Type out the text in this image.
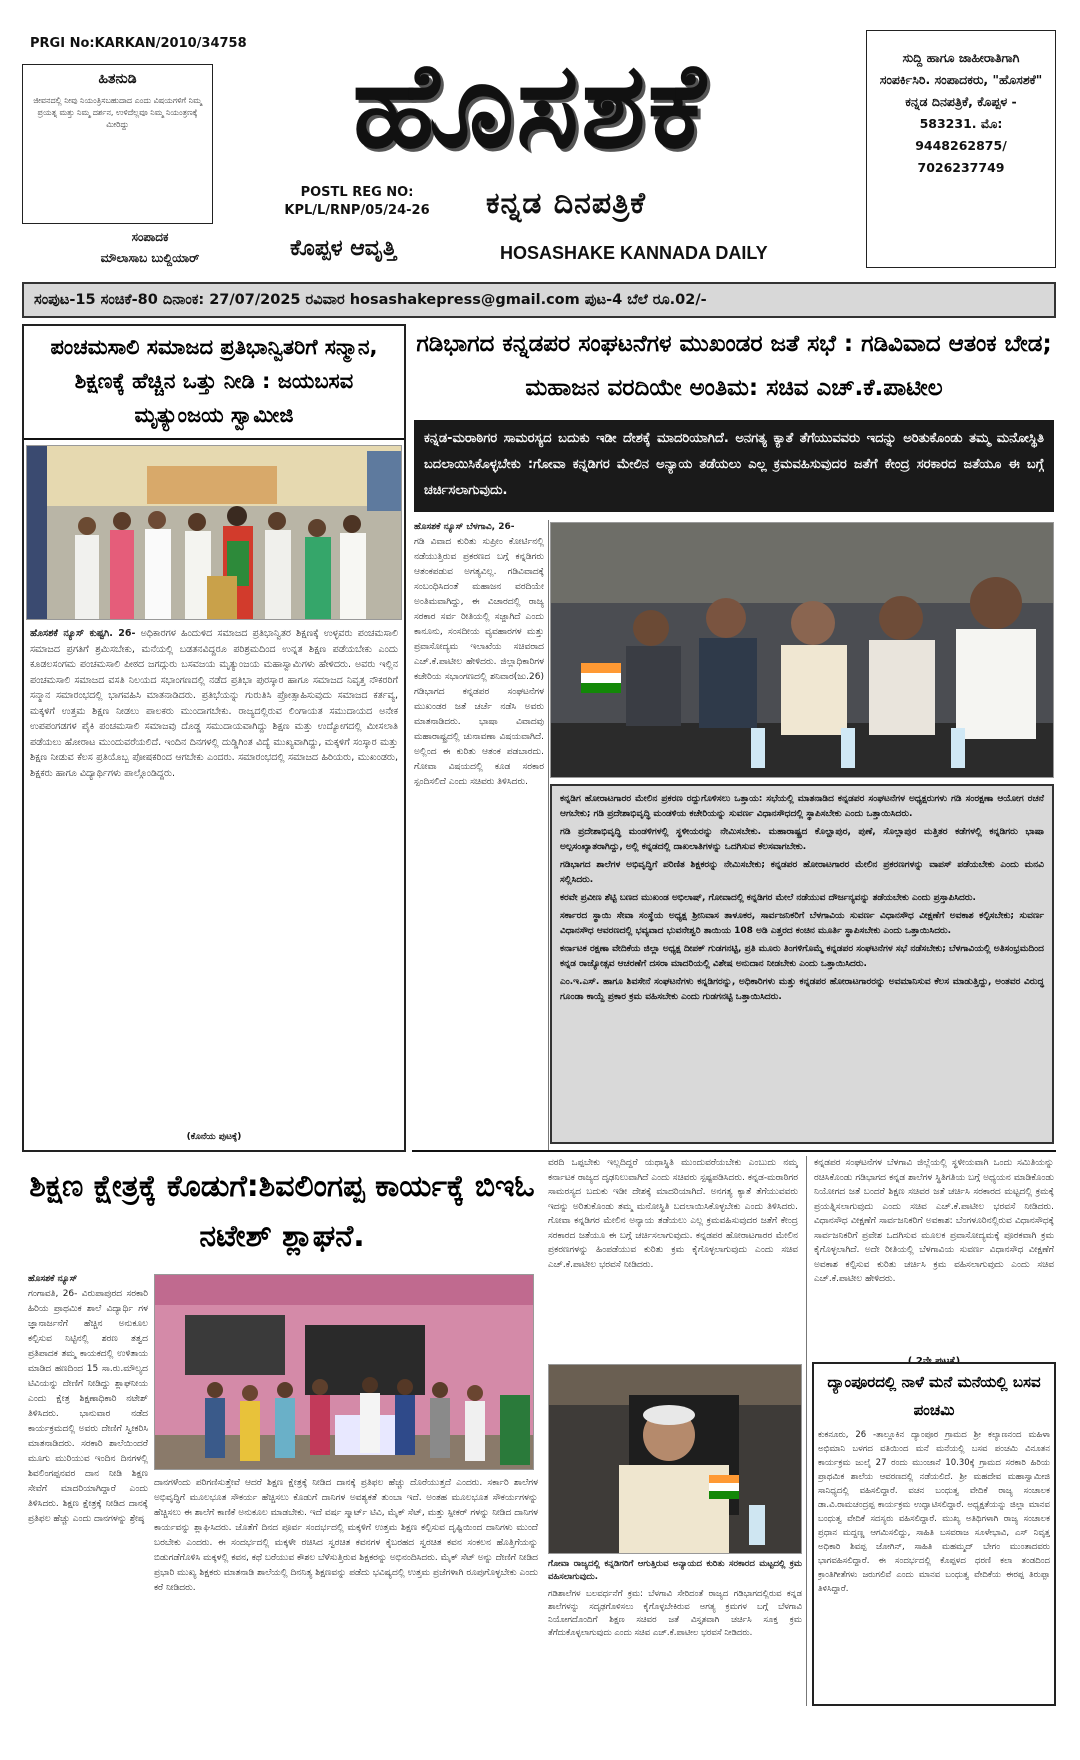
PRGI No:KARKAN/2010/34758
ಹಿತನುಡಿ
ಜೀವನದಲ್ಲಿ ನೀವು ನಿಯಂತ್ರಿಸಬಹುದಾದ ಎಂದು ವಿಷಯಗಳಿಗೆ ನಿಮ್ಮ ಪ್ರಯತ್ನ ಮತ್ತು ನಿಮ್ಮ ದರ್ಶನ, ಉಳಿದೆಲ್ಲವೂ ನಿಮ್ಮ ನಿಯಂತ್ರಣಕ್ಕೆ ಮೀರಿದ್ದು
ಸಂಪಾದಕ
ಮೌಲಾಸಾಬ ಬುಲ್ದಿಯಾರ್
ಹೊಸಶಕೆ
POSTL REG NO:
KPL/L/RNP/05/24-26
ಕೊಪ್ಪಳ ಆವೃತ್ತಿ
ಕನ್ನಡ ದಿನಪತ್ರಿಕೆ
HOSASHAKE KANNADA DAILY
ಸುದ್ದಿ ಹಾಗೂ ಜಾಹೀರಾತಿಗಾಗಿ ಸಂಪರ್ಕಿಸಿರಿ. ಸಂಪಾದಕರು, "ಹೊಸಶಕೆ" ಕನ್ನಡ ದಿನಪತ್ರಿಕೆ, ಕೊಪ್ಪಳ - 583231. ಮೊ: 9448262875/ 7026237749
ಸಂಪುಟ-15 ಸಂಚಿಕೆ-80 ದಿನಾಂಕ: 27/07/2025 ರವಿವಾರ hosashakepress@gmail.com ಪುಟ-4 ಬೆಲೆ ರೂ.02/-
ಪಂಚಮಸಾಲಿ ಸಮಾಜದ ಪ್ರತಿಭಾನ್ವಿತರಿಗೆ ಸನ್ಮಾನ, ಶಿಕ್ಷಣಕ್ಕೆ ಹೆಚ್ಚಿನ ಒತ್ತು ನೀಡಿ : ಜಯಬಸವ ಮೃತ್ಯುಂಜಯ ಸ್ವಾಮೀಜಿ
ಹೊಸಶಕೆ ನ್ಯೂಸ್ ಕುಷ್ಟಗಿ. 26- ಅಧಿಕಾರಗಳ ಹಿಂದುಳಿದ ಸಮಾಜದ ಪ್ರತಿಭಾನ್ವಿತರ ಶಿಕ್ಷಣಕ್ಕೆ ಉಳ್ಳವರು ಪಂಚಮಸಾಲಿ ಸಮಾಜದ ಪ್ರಗತಿಗೆ ಶ್ರಮಿಸಬೇಕು, ಮನೆಯಲ್ಲಿ ಬಡತನವಿದ್ದರೂ ಪರಿಶ್ರಮದಿಂದ ಉನ್ನತ ಶಿಕ್ಷಣ ಪಡೆಯಬೇಕು ಎಂದು ಕೂಡಲಸಂಗಮ ಪಂಚಮಸಾಲಿ ಪೀಠದ ಜಗದ್ಗುರು ಬಸವಜಯ ಮೃತ್ಯುಂಜಯ ಮಹಾಸ್ವಾಮಿಗಳು ಹೇಳಿದರು. ಅವರು ಇಲ್ಲಿನ ಪಂಚಮಸಾಲಿ ಸಮಾಜದ ವಸತಿ ನಿಲಯದ ಸಭಾಂಗಣದಲ್ಲಿ ನಡೆದ ಪ್ರತಿಭಾ ಪುರಸ್ಕಾರ ಹಾಗೂ ಸಮಾಜದ ನಿವೃತ್ತ ನೌಕರರಿಗೆ ಸನ್ಮಾನ ಸಮಾರಂಭದಲ್ಲಿ ಭಾಗವಹಿಸಿ ಮಾತನಾಡಿದರು. ಪ್ರತಿಭೆಯನ್ನು ಗುರುತಿಸಿ ಪ್ರೋತ್ಸಾಹಿಸುವುದು ಸಮಾಜದ ಕರ್ತವ್ಯ, ಮಕ್ಕಳಿಗೆ ಉತ್ತಮ ಶಿಕ್ಷಣ ನೀಡಲು ಪಾಲಕರು ಮುಂದಾಗಬೇಕು. ರಾಜ್ಯದಲ್ಲಿರುವ ಲಿಂಗಾಯತ ಸಮುದಾಯದ ಅನೇಕ ಉಪಪಂಗಡಗಳ ಪೈಕಿ ಪಂಚಮಸಾಲಿ ಸಮಾಜವು ದೊಡ್ಡ ಸಮುದಾಯವಾಗಿದ್ದು ಶಿಕ್ಷಣ ಮತ್ತು ಉದ್ಯೋಗದಲ್ಲಿ ಮೀಸಲಾತಿ ಪಡೆಯಲು ಹೋರಾಟ ಮುಂದುವರೆಯಲಿದೆ. ಇಂದಿನ ದಿನಗಳಲ್ಲಿ ದುಡ್ಡಿಗಿಂತ ವಿದ್ಯೆ ಮುಖ್ಯವಾಗಿದ್ದು, ಮಕ್ಕಳಿಗೆ ಸಂಸ್ಕಾರ ಮತ್ತು ಶಿಕ್ಷಣ ನೀಡುವ ಕೆಲಸ ಪ್ರತಿಯೊಬ್ಬ ಪೋಷಕರಿಂದ ಆಗಬೇಕು ಎಂದರು. ಸಮಾರಂಭದಲ್ಲಿ ಸಮಾಜದ ಹಿರಿಯರು, ಮುಖಂಡರು, ಶಿಕ್ಷಕರು ಹಾಗೂ ವಿದ್ಯಾರ್ಥಿಗಳು ಪಾಲ್ಗೊಂಡಿದ್ದರು.
(ಕೊನೆಯ ಪುಟಕ್ಕೆ)
ಗಡಿಭಾಗದ ಕನ್ನಡಪರ ಸಂಘಟನೆಗಳ ಮುಖಂಡರ ಜತೆ ಸಭೆ : ಗಡಿವಿವಾದ ಆತಂಕ ಬೇಡ; ಮಹಾಜನ ವರದಿಯೇ ಅಂತಿಮ: ಸಚಿವ ಎಚ್.ಕೆ.ಪಾಟೀಲ
ಕನ್ನಡ-ಮರಾಠಿಗರ ಸಾಮರಸ್ಯದ ಬದುಕು ಇಡೀ ದೇಶಕ್ಕೆ ಮಾದರಿಯಾಗಿದೆ. ಅನಗತ್ಯ ಕ್ಯಾತೆ ತೆಗೆಯುವವರು ಇದನ್ನು ಅರಿತುಕೊಂಡು ತಮ್ಮ ಮನೋಸ್ಥಿತಿ ಬದಲಾಯಿಸಿಕೊಳ್ಳಬೇಕು :ಗೋವಾ ಕನ್ನಡಿಗರ ಮೇಲಿನ ಅನ್ಯಾಯ ತಡೆಯಲು ಎಲ್ಲ ಕ್ರಮವಹಿಸುವುದರ ಜತೆಗೆ ಕೇಂದ್ರ ಸರಕಾರದ ಜತೆಯೂ ಈ ಬಗ್ಗೆ ಚರ್ಚಿಸಲಾಗುವುದು.
ಹೊಸಶಕೆ ನ್ಯೂಸ್ ಬೆಳಗಾವಿ, 26-
ಗಡಿ ವಿವಾದ ಕುರಿತು ಸುಪ್ರೀಂ ಕೋರ್ಟಿನಲ್ಲಿ ನಡೆಯುತ್ತಿರುವ ಪ್ರಕರಣದ ಬಗ್ಗೆ ಕನ್ನಡಿಗರು ಆತಂಕಪಡುವ ಅಗತ್ಯವಿಲ್ಲ. ಗಡಿವಿವಾದಕ್ಕೆ ಸಂಬಂಧಿಸಿದಂತೆ ಮಹಾಜನ ವರದಿಯೇ ಅಂತಿಮವಾಗಿದ್ದು, ಈ ವಿಚಾರದಲ್ಲಿ ರಾಜ್ಯ ಸರಕಾರ ಸರ್ವ ರೀತಿಯಲ್ಲಿ ಸಜ್ಜಾಗಿದೆ ಎಂದು ಕಾನೂನು, ಸಂಸದೀಯ ವ್ಯವಹಾರಗಳ ಮತ್ತು ಪ್ರವಾಸೋದ್ಯಮ ಇಲಾಖೆಯ ಸಚಿವರಾದ ಎಚ್.ಕೆ.ಪಾಟೀಲ ಹೇಳಿದರು. ಜಿಲ್ಲಾಧಿಕಾರಿಗಳ ಕಚೇರಿಯ ಸಭಾಂಗಣದಲ್ಲಿ ಶನಿವಾರ(ಜು.26) ಗಡಿಭಾಗದ ಕನ್ನಡಪರ ಸಂಘಟನೆಗಳ ಮುಖಂಡರ ಜತೆ ಚರ್ಚೆ ನಡೆಸಿ ಅವರು ಮಾತನಾಡಿದರು. ಭಾಷಾ ವಿವಾದವು ಮಹಾರಾಷ್ಟ್ರದಲ್ಲಿ ಚುನಾವಣಾ ವಿಷಯವಾಗಿದೆ. ಅಲ್ಲಿಂದ ಈ ಕುರಿತು ಆತಂಕ ಪಡಬಾರದು. ಗೋವಾ ವಿಷಯದಲ್ಲಿ ಕೂಡ ಸರಕಾರ ಸ್ಪಂದಿಸಲಿದೆ ಎಂದು ಸಚಿವರು ತಿಳಿಸಿದರು.
ಕನ್ನಡಿಗ ಹೋರಾಟಗಾರರ ಮೇಲಿನ ಪ್ರಕರಣ ರದ್ದುಗೊಳಿಸಲು ಒತ್ತಾಯ: ಸಭೆಯಲ್ಲಿ ಮಾತನಾಡಿದ ಕನ್ನಡಪರ ಸಂಘಟನೆಗಳ ಅಧ್ಯಕ್ಷರುಗಳು ಗಡಿ ಸಂರಕ್ಷಣಾ ಆಯೋಗ ರಚನೆ ಆಗಬೇಕು; ಗಡಿ ಪ್ರದೇಶಾಭಿವೃದ್ಧಿ ಮಂಡಳಿಯ ಕಚೇರಿಯನ್ನು ಸುವರ್ಣ ವಿಧಾನಸೌಧದಲ್ಲಿ ಸ್ಥಾಪಿಸಬೇಕು ಎಂದು ಒತ್ತಾಯಿಸಿದರು.
ಗಡಿ ಪ್ರದೇಶಾಭಿವೃದ್ಧಿ ಮಂಡಳಿಗಳಲ್ಲಿ ಸ್ಥಳೀಯರನ್ನು ನೇಮಿಸಬೇಕು. ಮಹಾರಾಷ್ಟ್ರದ ಕೊಲ್ಹಾಪುರ, ಪುಣೆ, ಸೊಲ್ಲಾಪುರ ಮತ್ತಿತರ ಕಡೆಗಳಲ್ಲಿ ಕನ್ನಡಿಗರು ಭಾಷಾ ಅಲ್ಪಸಂಖ್ಯಾತರಾಗಿದ್ದು, ಅಲ್ಲಿ ಕನ್ನಡದಲ್ಲಿ ದಾಖಲಾತಿಗಳನ್ನು ಒದಗಿಸುವ ಕೆಲಸವಾಗಬೇಕು.
ಗಡಿಭಾಗದ ಶಾಲೆಗಳ ಅಭಿವೃದ್ಧಿಗೆ ಪರಿಣಿತ ಶಿಕ್ಷಕರನ್ನು ನೇಮಿಸಬೇಕು; ಕನ್ನಡಪರ ಹೋರಾಟಗಾರರ ಮೇಲಿನ ಪ್ರಕರಣಗಳನ್ನು ವಾಪಸ್ ಪಡೆಯಬೇಕು ಎಂದು ಮನವಿ ಸಲ್ಲಿಸಿದರು.
ಕರವೇ ಪ್ರವೀಣ ಶೆಟ್ಟಿ ಬಣದ ಮುಖಂಡ ಅಭಿಲಾಷ್, ಗೋವಾದಲ್ಲಿ ಕನ್ನಡಿಗರ ಮೇಲೆ ನಡೆಯುವ ದೌರ್ಜನ್ಯವನ್ನು ತಡೆಯಬೇಕು ಎಂದು ಪ್ರಸ್ತಾಪಿಸಿದರು.
ಸರ್ಕಾರದ ಸ್ಥಾಯಿ ಸೇವಾ ಸಂಸ್ಥೆಯ ಅಧ್ಯಕ್ಷ ಶ್ರೀನಿವಾಸ ತಾಳೂಕರ, ಸಾರ್ವಜನಿಕರಿಗೆ ಬೆಳಗಾವಿಯ ಸುವರ್ಣ ವಿಧಾನಸೌಧ ವೀಕ್ಷಣೆಗೆ ಅವಕಾಶ ಕಲ್ಪಿಸಬೇಕು; ಸುವರ್ಣ ವಿಧಾನಸೌಧ ಆವರಣದಲ್ಲಿ ಭವ್ಯವಾದ ಭುವನೇಶ್ವರಿ ತಾಯಿಯ 108 ಅಡಿ ಎತ್ತರದ ಕಂಚಿನ ಮೂರ್ತಿ ಸ್ಥಾಪಿಸಬೇಕು ಎಂದು ಒತ್ತಾಯಿಸಿದರು.
ಕರ್ನಾಟಕ ರಕ್ಷಣಾ ವೇದಿಕೆಯ ಜಿಲ್ಲಾ ಅಧ್ಯಕ್ಷ ದೀಪಕ್ ಗುಡಗನಟ್ಟಿ, ಪ್ರತಿ ಮೂರು ತಿಂಗಳಿಗೊಮ್ಮೆ ಕನ್ನಡಪರ ಸಂಘಟನೆಗಳ ಸಭೆ ನಡೆಸಬೇಕು; ಬೆಳಗಾವಿಯಲ್ಲಿ ಅತಿಸಂಭ್ರಮದಿಂದ ಕನ್ನಡ ರಾಜ್ಯೋತ್ಸವ ಆಚರಣೆಗೆ ದಸರಾ ಮಾದರಿಯಲ್ಲಿ ವಿಶೇಷ ಅನುದಾನ ನೀಡಬೇಕು ಎಂದು ಒತ್ತಾಯಿಸಿದರು.
ಎಂ.ಇ.ಎಸ್. ಹಾಗೂ ಶಿವಸೇನೆ ಸಂಘಟನೆಗಳು ಕನ್ನಡಿಗರನ್ನು, ಅಧಿಕಾರಿಗಳು ಮತ್ತು ಕನ್ನಡಪರ ಹೋರಾಟಗಾರರನ್ನು ಅವಮಾನಿಸುವ ಕೆಲಸ ಮಾಡುತ್ತಿದ್ದು, ಅಂತವರ ವಿರುದ್ಧ ಗೂಂಡಾ ಕಾಯ್ದೆ ಪ್ರಕಾರ ಕ್ರಮ ವಹಿಸಬೇಕು ಎಂದು ಗುಡಗನಟ್ಟಿ ಒತ್ತಾಯಿಸಿದರು.
ವರದಿ ಒಪ್ಪಬೇಕು ಇಲ್ಲದಿದ್ದರೆ ಯಥಾಸ್ಥಿತಿ ಮುಂದುವರೆಯಬೇಕು ಎಂಬುದು ನಮ್ಮ ಕರ್ನಾಟಕ ರಾಜ್ಯದ ದೃಢನಿಲುವಾಗಿದೆ ಎಂದು ಸಚಿವರು ಸ್ಪಷ್ಟಪಡಿಸಿದರು. ಕನ್ನಡ-ಮರಾಠಿಗರ ಸಾಮರಸ್ಯದ ಬದುಕು ಇಡೀ ದೇಶಕ್ಕೆ ಮಾದರಿಯಾಗಿದೆ. ಅನಗತ್ಯ ಕ್ಯಾತೆ ತೆಗೆಯುವವರು ಇದನ್ನು ಅರಿತುಕೊಂಡು ತಮ್ಮ ಮನೋಸ್ಥಿತಿ ಬದಲಾಯಿಸಿಕೊಳ್ಳಬೇಕು ಎಂದು ತಿಳಿಸಿದರು. ಗೋವಾ ಕನ್ನಡಿಗರ ಮೇಲಿನ ಅನ್ಯಾಯ ತಡೆಯಲು ಎಲ್ಲ ಕ್ರಮವಹಿಸುವುದರ ಜತೆಗೆ ಕೇಂದ್ರ ಸರಕಾರದ ಜತೆಯೂ ಈ ಬಗ್ಗೆ ಚರ್ಚಿಸಲಾಗುವುದು. ಕನ್ನಡಪರ ಹೋರಾಟಗಾರರ ಮೇಲಿನ ಪ್ರಕರಣಗಳನ್ನು ಹಿಂಪಡೆಯುವ ಕುರಿತು ಕ್ರಮ ಕೈಗೊಳ್ಳಲಾಗುವುದು ಎಂದು ಸಚಿವ ಎಚ್.ಕೆ.ಪಾಟೀಲ ಭರವಸೆ ನೀಡಿದರು.
ಕನ್ನಡಪರ ಸಂಘಟನೆಗಳ ಬೆಳಗಾವಿ ಜಿಲ್ಲೆಯಲ್ಲಿ ಸ್ಥಳೀಯವಾಗಿ ಒಂದು ಸಮಿತಿಯನ್ನು ರಚಿಸಿಕೊಂಡು ಗಡಿಭಾಗದ ಕನ್ನಡ ಶಾಲೆಗಳ ಸ್ಥಿತಿಗತಿಯ ಬಗ್ಗೆ ಅಧ್ಯಯನ ಮಾಡಿಕೊಂಡು ನಿಯೋಗದ ಜತೆ ಬಂದರೆ ಶಿಕ್ಷಣ ಸಚಿವರ ಜತೆ ಚರ್ಚಿಸಿ ಸರಕಾರದ ಮಟ್ಟದಲ್ಲಿ ಕ್ರಮಕ್ಕೆ ಪ್ರಯತ್ನಿಸಲಾಗುವುದು ಎಂದು ಸಚಿವ ಎಚ್.ಕೆ.ಪಾಟೀಲ ಭರವಸೆ ನೀಡಿದರು. ವಿಧಾನಸೌಧ ವೀಕ್ಷಣೆಗೆ ಸಾರ್ವಜನಿಕರಿಗೆ ಅವಕಾಶ: ಬೆಂಗಳೂರಿನಲ್ಲಿರುವ ವಿಧಾನಸೌಧಕ್ಕೆ ಸಾರ್ವಜನಿಕರಿಗೆ ಪ್ರವೇಶ ಒದಗಿಸುವ ಮೂಲಕ ಪ್ರವಾಸೋದ್ಯಮಕ್ಕೆ ಪೂರಕವಾಗಿ ಕ್ರಮ ಕೈಗೊಳ್ಳಲಾಗಿದೆ. ಅದೇ ರೀತಿಯಲ್ಲಿ ಬೆಳಗಾವಿಯ ಸುವರ್ಣ ವಿಧಾನಸೌಧ ವೀಕ್ಷಣೆಗೆ ಅವಕಾಶ ಕಲ್ಪಿಸುವ ಕುರಿತು ಚರ್ಚಿಸಿ ಕ್ರಮ ವಹಿಸಲಾಗುವುದು ಎಂದು ಸಚಿವ ಎಚ್.ಕೆ.ಪಾಟೀಲ ಹೇಳಿದರು.
ಗೋವಾ ರಾಜ್ಯದಲ್ಲಿ ಕನ್ನಡಿಗರಿಗೆ ಆಗುತ್ತಿರುವ ಅನ್ಯಾಯದ ಕುರಿತು ಸರಕಾರದ ಮಟ್ಟದಲ್ಲಿ ಕ್ರಮ ವಹಿಸಲಾಗುವುದು.
ಗಡಿಶಾಲೆಗಳ ಬಲವರ್ಧನೆಗೆ ಕ್ರಮ: ಬೆಳಗಾವಿ ಸೇರಿದಂತೆ ರಾಜ್ಯದ ಗಡಿಭಾಗದಲ್ಲಿರುವ ಕನ್ನಡ ಶಾಲೆಗಳನ್ನು ಸದೃಢಗೊಳಿಸಲು ಕೈಗೊಳ್ಳಬೇಕಿರುವ ಅಗತ್ಯ ಕ್ರಮಗಳ ಬಗ್ಗೆ ಬೆಳಗಾವಿ ನಿಯೋಗದೊಂದಿಗೆ ಶಿಕ್ಷಣ ಸಚಿವರ ಜತೆ ವಿಸ್ತೃತವಾಗಿ ಚರ್ಚಿಸಿ ಸೂಕ್ತ ಕ್ರಮ ತೆಗೆದುಕೊಳ್ಳಲಾಗುವುದು ಎಂದು ಸಚಿವ ಎಚ್.ಕೆ.ಪಾಟೀಲ ಭರವಸೆ ನೀಡಿದರು.
ಶಿಕ್ಷಣ ಕ್ಷೇತ್ರಕ್ಕೆ ಕೊಡುಗೆ:ಶಿವಲಿಂಗಪ್ಪ ಕಾರ್ಯಕ್ಕೆ ಬಿಇಓ ನಟೇಶ್ ಶ್ಲಾಘನೆ.
ಹೊಸಶಕೆ ನ್ಯೂಸ್
ಗಂಗಾವತಿ, 26- ವಿರುಪಾಪುರದ ಸರಕಾರಿ ಹಿರಿಯ ಪ್ರಾಥಮಿಕ ಶಾಲೆ ವಿದ್ಯಾರ್ಥಿ ಗಳ ಜ್ಞಾನಾರ್ಜನೆಗೆ ಹೆಚ್ಚಿನ ಅನುಕೂಲ ಕಲ್ಪಿಸುವ ನಿಟ್ಟಿನಲ್ಲಿ ಶರಣ ತತ್ವದ ಪ್ರತಿಪಾದಕ ತಮ್ಮ ಕಾಯಕದಲ್ಲಿ ಉಳಿತಾಯ ಮಾಡಿದ ಹಣದಿಂದ 15 ಸಾ.ರು.ಮೌಲ್ಯದ ಟಿವಿಯನ್ನು ದೇಣಿಗೆ ನೀಡಿದ್ದು ಶ್ಲಾಘನೀಯ ಎಂದು ಕ್ಷೇತ್ರ ಶಿಕ್ಷಣಾಧಿಕಾರಿ ನಟೇಶ್ ತಿಳಿಸಿದರು. ಭಾನುವಾರ ನಡೆದ ಕಾರ್ಯಕ್ರಮದಲ್ಲಿ ಅವರು ದೇಣಿಗೆ ಸ್ವೀಕರಿಸಿ ಮಾತನಾಡಿದರು. ಸರಕಾರಿ ಶಾಲೆಯಿಂದರೆ ಮೂಗು ಮುರಿಯುವ ಇಂದಿನ ದಿನಗಳಲ್ಲಿ ಶಿವಲಿಂಗಪ್ಪನವರ ದಾನ ನೀಡಿ ಶಿಕ್ಷಣ ಸೇವೆಗೆ ಮಾದರಿಯಾಗಿದ್ದಾರೆ ಎಂದು ತಿಳಿಸಿದರು. ಶಿಕ್ಷಣ ಕ್ಷೇತ್ರಕ್ಕೆ ನೀಡಿದ ದಾನಕ್ಕೆ ಪ್ರತಿಫಲ ಹೆಚ್ಚು ಎಂದು ದಾನಗಳನ್ನು ಶ್ರೇಷ್ಠ
ದಾನಗಳೆಂದು ಪರಿಗಣಿಸುತ್ತೇವೆ ಆದರೆ ಶಿಕ್ಷಣ ಕ್ಷೇತ್ರಕ್ಕೆ ನೀಡಿದ ದಾನಕ್ಕೆ ಪ್ರತಿಫಲ ಹೆಚ್ಚು ದೊರೆಯುತ್ತದೆ ಎಂದರು. ಸರ್ಕಾರಿ ಶಾಲೆಗಳ ಅಭಿವೃದ್ಧಿಗೆ ಮೂಲಭೂತ ಸೌಕರ್ಯ ಹೆಚ್ಚಿಸಲು ಕೊಡುಗೆ ದಾನಿಗಳ ಅವಶ್ಯಕತೆ ತುಂಬಾ ಇದೆ. ಅಂತಹ ಮೂಲಭೂತ ಸೌಕರ್ಯಗಳನ್ನು ಹೆಚ್ಚಿಸಲು ಈ ಶಾಲೆಗೆ ಕಾಣಿಕೆ ಅನುಕೂಲ ಮಾಡಬೇಕು. ಇದೆ ವರ್ಷ ಸ್ಮಾರ್ಟ್ ಟಿವಿ, ಮೈಕ್ ಸೆಟ್, ಮತ್ತು ಸ್ಪೀಕರ್ ಗಳನ್ನು ನೀಡಿದ ದಾನಿಗಳ ಕಾರ್ಯವನ್ನು ಶ್ಲಾಘಿಸಿದರು. ಜೊತೆಗೆ ದಿನದ ಪೂರ್ವ ಸಂದರ್ಭದಲ್ಲಿ ಮಕ್ಕಳಿಗೆ ಉತ್ತಮ ಶಿಕ್ಷಣ ಕಲ್ಪಿಸುವ ದೃಷ್ಟಿಯಿಂದ ದಾನಿಗಳು ಮುಂದೆ ಬರಬೇಕು ಎಂದರು. ಈ ಸಂದರ್ಭದಲ್ಲಿ ಮಕ್ಕಳೇ ರಚಿಸಿದ ಸ್ವರಚಿತ ಕವನಗಳ ಕೈಬರಹದ ಸ್ವರಚಿತ ಕವನ ಸಂಕಲನ ಹೊತ್ತಿಗೆಯನ್ನು ಬಿಡುಗಡೆಗೊಳಿಸಿ ಮಕ್ಕಳಲ್ಲಿ ಕವನ, ಕಥೆ ಬರೆಯುವ ಕೌಶಲ ಬೆಳೆಸುತ್ತಿರುವ ಶಿಕ್ಷಕರನ್ನು ಅಭಿನಂದಿಸಿದರು. ಮೈಕ್ ಸೆಟ್ ಅನ್ನು ದೇಣಿಗೆ ನೀಡಿದ ಪ್ರಭಾರಿ ಮುಖ್ಯ ಶಿಕ್ಷಕರು ಮಾತನಾಡಿ ಶಾಲೆಯಲ್ಲಿ ದಿನನಿತ್ಯ ಶಿಕ್ಷಣವನ್ನು ಪಡೆದು ಭವಿಷ್ಯದಲ್ಲಿ ಉತ್ತಮ ಪ್ರಜೆಗಳಾಗಿ ರೂಪುಗೊಳ್ಳಬೇಕು ಎಂದು ಕರೆ ನೀಡಿದರು.
ದ್ಯಾಂಪೂರದಲ್ಲಿ ನಾಳೆ ಮನೆ ಮನೆಯಲ್ಲಿ ಬಸವ ಪಂಚಮಿ
ಕುಕನೂರು, 26 -ತಾಲ್ಲೂಕಿನ ದ್ಯಾಂಪೂರ ಗ್ರಾಮದ ಶ್ರೀ ಕಲ್ಯಾಣನಂದ ಮಹಿಳಾ ಅಭಿಮಾನಿ ಬಳಗದ ವತಿಯಿಂದ ಮನೆ ಮನೆಯಲ್ಲಿ ಬಸವ ಪಂಚಮಿ ವಿನೂತನ ಕಾರ್ಯಕ್ರಮ ಜುಲೈ 27 ರಂದು ಮುಂಜಾನೆ 10.30ಕ್ಕೆ ಗ್ರಾಮದ ಸರಕಾರಿ ಹಿರಿಯ ಪ್ರಾಥಮಿಕ ಶಾಲೆಯ ಆವರಣದಲ್ಲಿ ನಡೆಯಲಿದೆ. ಶ್ರೀ ಮಹದೇವ ಮಹಾಸ್ವಾಮೀಜಿ ಸಾನಿಧ್ಯದಲ್ಲಿ ವಹಿಸಲಿದ್ದಾರೆ. ವಚನ ಬಂಧುತ್ವ ವೇದಿಕೆ ರಾಜ್ಯ ಸಂಚಾಲಕ ಡಾ.ವಿ.ರಾಮಚಂದ್ರಪ್ಪ ಕಾರ್ಯಕ್ರಮ ಉದ್ಘಾಟಿಸಲಿದ್ದಾರೆ. ಅಧ್ಯಕ್ಷತೆಯನ್ನು ಜಿಲ್ಲಾ ಮಾನವ ಬಂಧುತ್ವ ವೇದಿಕೆ ಸದಸ್ಯರು ವಹಿಸಲಿದ್ದಾರೆ. ಮುಖ್ಯ ಅತಿಥಿಗಳಾಗಿ ರಾಜ್ಯ ಸಂಚಾಲಕ ಪ್ರಧಾನ ಮದ್ದಣ್ಣ ಆಗಮಿಸಲಿದ್ದು, ಸಾಹಿತಿ ಬಸವರಾಜ ಸೂಳೇಭಾವಿ, ಎಸ್ ನಿವೃತ್ತ ಅಧಿಕಾರಿ ಶಿವಪ್ಪ ಜೋಗಿನ್, ಸಾಹಿತಿ ಮಹಮ್ಮದ್ ಬೇಗಂ ಮುಂತಾದವರು ಭಾಗವಹಿಸಲಿದ್ದಾರೆ. ಈ ಸಂದರ್ಭದಲ್ಲಿ ಕೊಪ್ಪಳದ ಧರಣಿ ಕಲಾ ತಂಡದಿಂದ ಕ್ರಾಂತಿಗೀತೆಗಳು ಜರುಗಲಿವೆ ಎಂದು ಮಾನವ ಬಂಧುತ್ವ ವೇದಿಕೆಯ ಈರಪ್ಪ ತಿರುಪ್ಪಾ ತಿಳಿಸಿದ್ದಾರೆ.
